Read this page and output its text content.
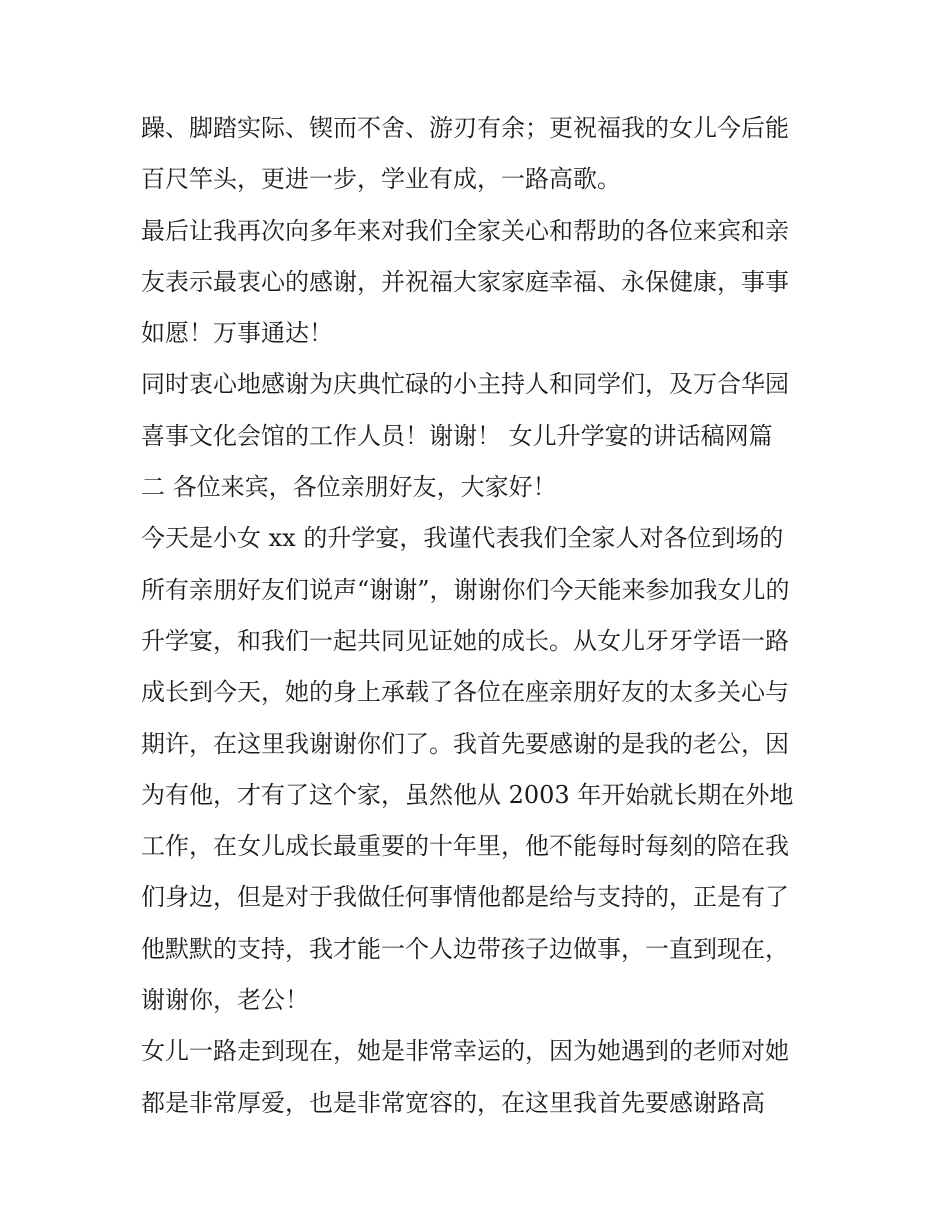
躁、脚踏实际、锲而不舍、游刃有余；更祝福我的女儿今后能
百尺竿头，更进一步，学业有成，一路高歌。
最后让我再次向多年来对我们全家关心和帮助的各位来宾和亲
友表示最衷心的感谢，并祝福大家家庭幸福、永保健康，事事
如愿！万事通达！
同时衷心地感谢为庆典忙碌的小主持人和同学们，及万合华园
喜事文化会馆的工作人员！谢谢！ 女儿升学宴的讲话稿网篇
二 各位来宾，各位亲朋好友，大家好！
今天是小女 xx 的升学宴，我谨代表我们全家人对各位到场的
所有亲朋好友们说声“谢谢”，谢谢你们今天能来参加我女儿的
升学宴，和我们一起共同见证她的成长。从女儿牙牙学语一路
成长到今天，她的身上承载了各位在座亲朋好友的太多关心与
期许，在这里我谢谢你们了。我首先要感谢的是我的老公，因
为有他，才有了这个家，虽然他从 2003 年开始就长期在外地
工作，在女儿成长最重要的十年里，他不能每时每刻的陪在我
们身边，但是对于我做任何事情他都是给与支持的，正是有了
他默默的支持，我才能一个人边带孩子边做事，一直到现在，
谢谢你，老公！
女儿一路走到现在，她是非常幸运的，因为她遇到的老师对她
都是非常厚爱，也是非常宽容的，在这里我首先要感谢路高
